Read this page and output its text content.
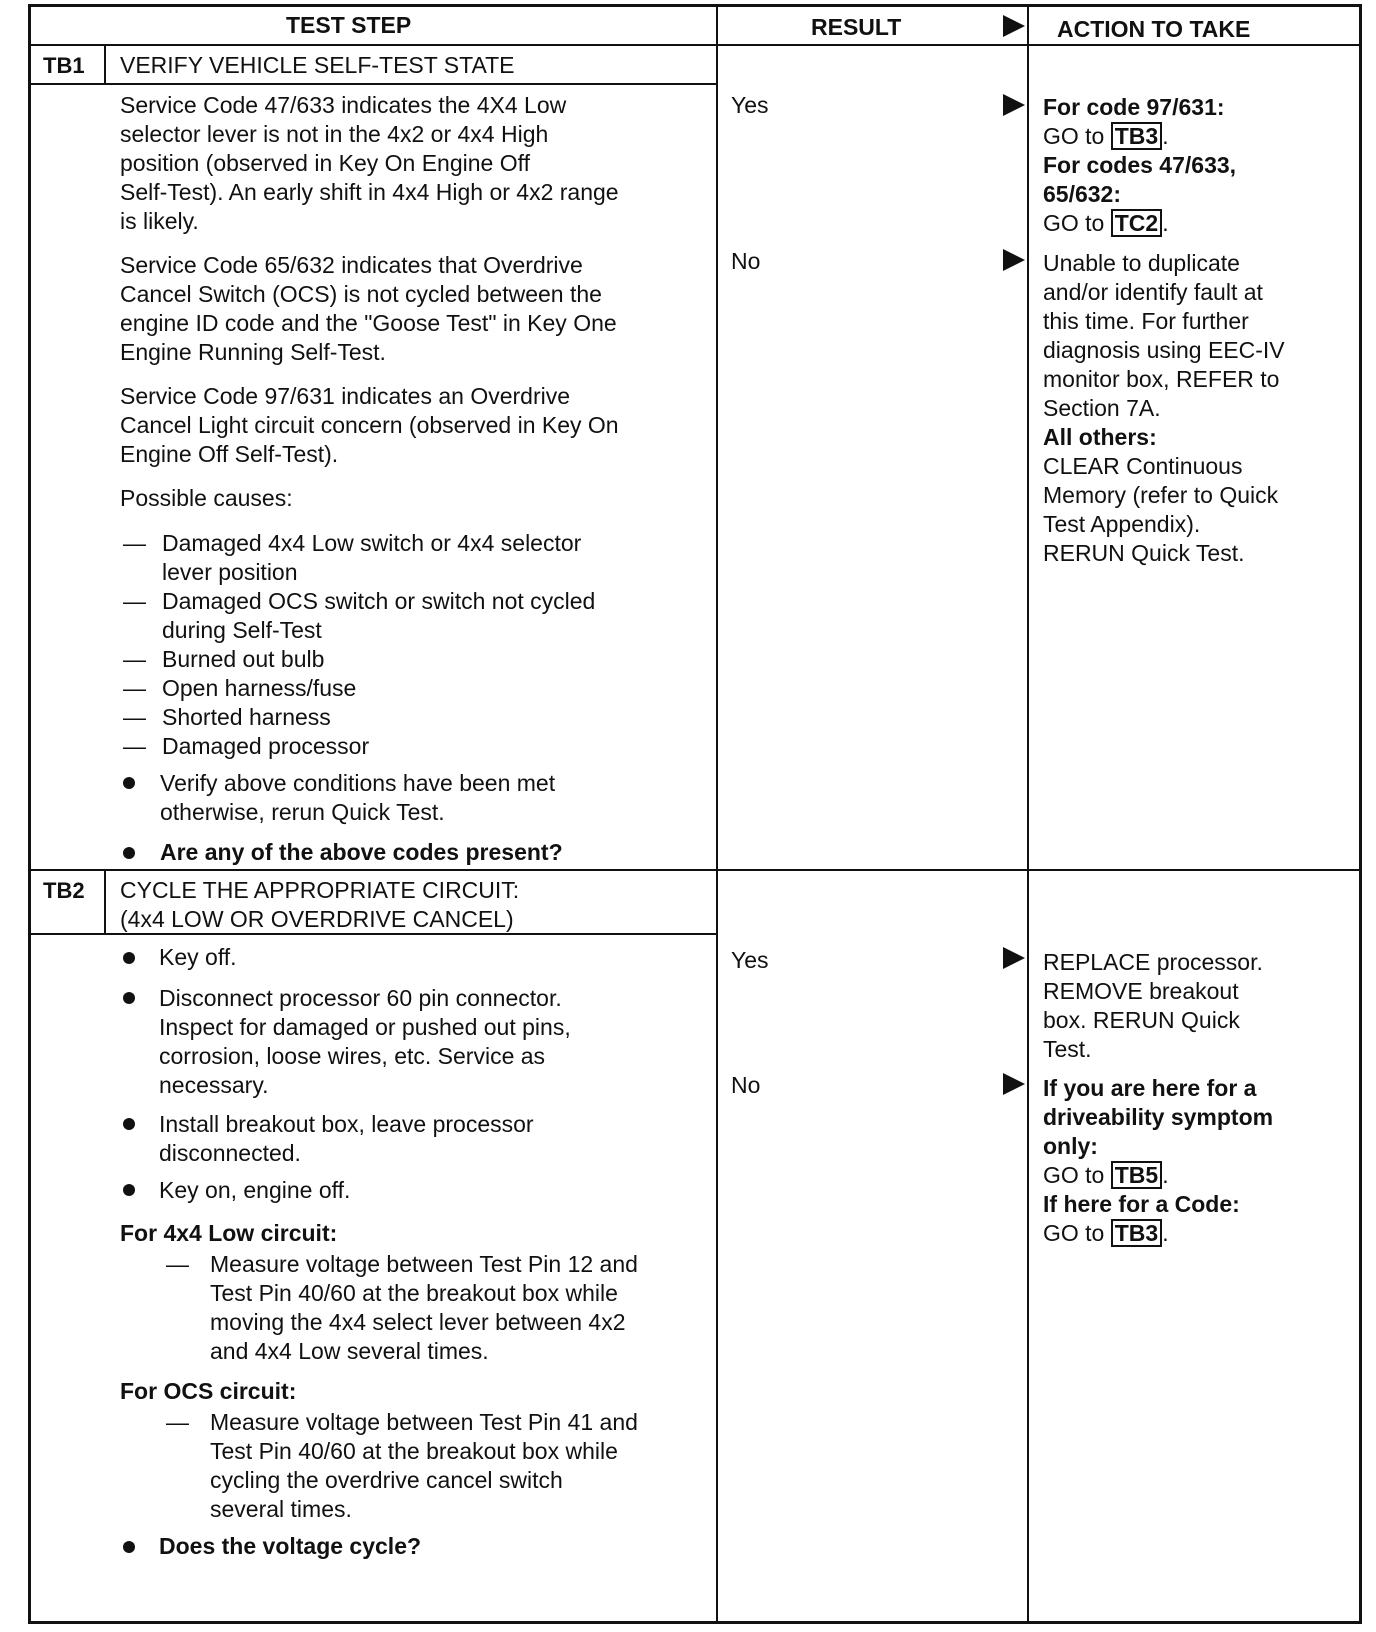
TEST STEP	RESULT	ACTION TO TAKE
TB1 VERIFY VEHICLE SELF-TEST STATE
Service Code 47/633 indicates the 4X4 Low
selector lever is not in the 4x2 or 4x4 High
position (observed in Key On Engine Off
Self-Test). An early shift in 4x4 High or 4x2 range
is likely.
Service Code 65/632 indicates that Overdrive
Cancel Switch (OCS) is not cycled between the
engine ID code and the "Goose Test" in Key One
Engine Running Self-Test.
Service Code 97/631 indicates an Overdrive
Cancel Light circuit concern (observed in Key On
Engine Off Self-Test).
Possible causes:
— Damaged 4x4 Low switch or 4x4 selector
lever position
— Damaged OCS switch or switch not cycled
during Self-Test
— Burned out bulb
— Open harness/fuse
— Shorted harness
— Damaged processor
Verify above conditions have been met
otherwise, rerun Quick Test.
Are any of the above codes present?
Yes
No
For code 97/631:
GO to TB3 .
For codes 47/633,
65/632:
GO to TC2 .
Unable to duplicate
and/or identify fault at
this time. For further
diagnosis using EEC-IV
monitor box, REFER to
Section 7A.
All others:
CLEAR Continuous
Memory (refer to Quick
Test Appendix).
RERUN Quick Test.
TB2 CYCLE THE APPROPRIATE CIRCUIT:
(4x4 LOW OR OVERDRIVE CANCEL)
Key off.
Disconnect processor 60 pin connector.
Inspect for damaged or pushed out pins,
corrosion, loose wires, etc. Service as
necessary.
Install breakout box, leave processor
disconnected.
Key on, engine off.
For 4x4 Low circuit:
— Measure voltage between Test Pin 12 and
Test Pin 40/60 at the breakout box while
moving the 4x4 select lever between 4x2
and 4x4 Low several times.
For OCS circuit:
— Measure voltage between Test Pin 41 and
Test Pin 40/60 at the breakout box while
cycling the overdrive cancel switch
several times.
Does the voltage cycle?
Yes
No
REPLACE processor.
REMOVE breakout
box. RERUN Quick
Test.
If you are here for a
driveability symptom
only:
GO to TB5 .
If here for a Code:
GO to TB3 .
